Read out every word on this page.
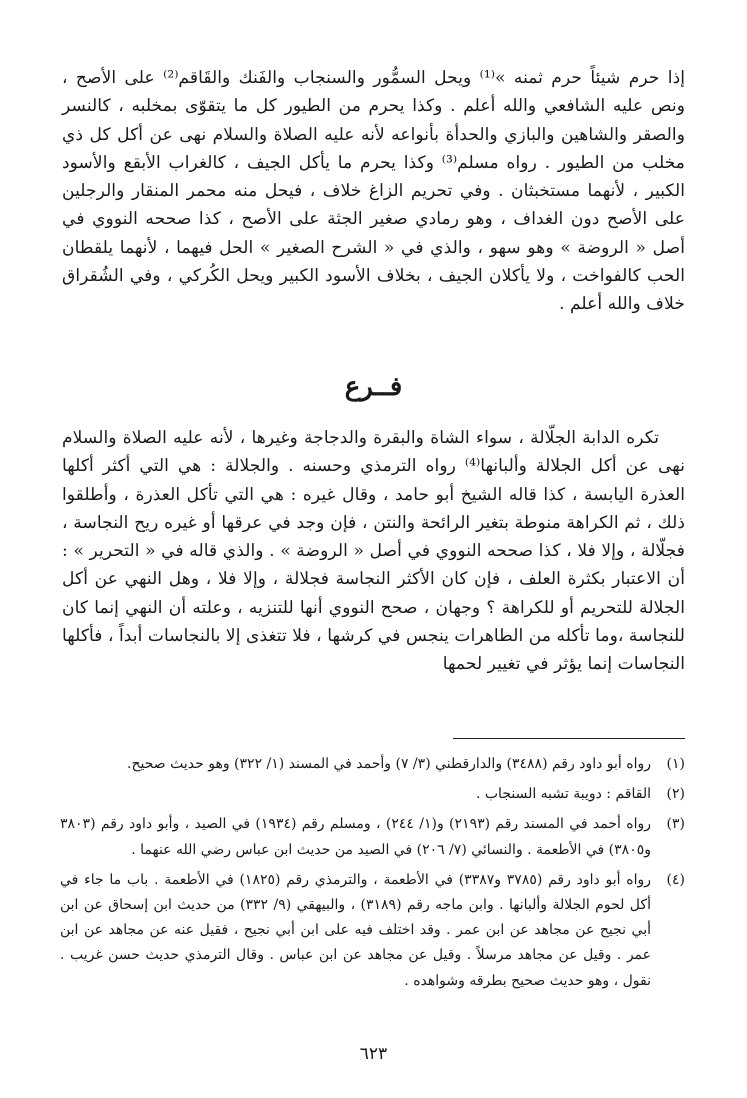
إذا حرم شيئاً حرم ثمنه »⁽¹⁾ ويحل السمُّور والسنجاب والفَنك والقَاقم⁽²⁾ على الأصح ، ونص عليه الشافعي والله أعلم . وكذا يحرم من الطيور كل ما يتقوّى بمخلبه ، كالنسر والصقر والشاهين والبازي والحدأة بأنواعه لأنه عليه الصلاة والسلام نهى عن أكل كل ذي مخلب من الطيور . رواه مسلم⁽³⁾ وكذا يحرم ما يأكل الجيف ، كالغراب الأبقع والأسود الكبير ، لأنهما مستخبثان . وفي تحريم الزاغ خلاف ، فيحل منه محمر المنقار والرجلين على الأصح دون الغداف ، وهو رمادي صغير الجثة على الأصح ، كذا صححه النووي في أصل « الروضة » وهو سهو ، والذي في « الشرح الصغير » الحل فيهما ، لأنهما يلقطان الحب كالفواخت ، ولا يأكلان الجيف ، بخلاف الأسود الكبير ويحل الكُركي ، وفي الشُقراق خلاف والله أعلم .

فــرع

تكره الدابة الجلّالة ، سواء الشاة والبقرة والدجاجة وغيرها ، لأنه عليه الصلاة والسلام نهى عن أكل الجلالة وألبانها⁽⁴⁾ رواه الترمذي وحسنه . والجلالة : هي التي أكثر أكلها العذرة اليابسة ، كذا قاله الشيخ أبو حامد ، وقال غيره : هي التي تأكل العذرة ، وأطلقوا ذلك ، ثم الكراهة منوطة بتغير الرائحة والنتن ، فإن وجد في عرقها أو غيره ريح النجاسة ، فجلّالة ، وإلا فلا ، كذا صححه النووي في أصل « الروضة » . والذي قاله في « التحرير » : أن الاعتبار بكثرة العلف ، فإن كان الأكثر النجاسة فجلالة ، وإلا فلا ، وهل النهي عن أكل الجلالة للتحريم أو للكراهة ؟ وجهان ، صحح النووي أنها للتنزيه ، وعلته أن النهي إنما كان للنجاسة ،وما تأكله من الطاهرات ينجس في كرشها ، فلا تتغذى إلا بالنجاسات أبداً ، فأكلها النجاسات إنما يؤثر في تغيير لحمها

(١)
رواه أبو داود رقم (٣٤٨٨) والدارقطني (٣/ ٧) وأحمد في المسند (١/ ٣٢٢) وهو حديث صحيح.
(٢)
القاقم : دويبة تشبه السنجاب .
(٣)
رواه أحمد في المسند رقم (٢١٩٣) و(١/ ٢٤٤) ، ومسلم رقم (١٩٣٤) في الصيد ، وأبو داود رقم (٣٨٠٣ و٣٨٠٥) في الأطعمة . والنسائي (٧/ ٢٠٦) في الصيد من حديث ابن عباس رضي الله عنهما .
(٤)
رواه أبو داود رقم (٣٧٨٥ و٣٣٨٧) في الأطعمة ، والترمذي رقم (١٨٢٥) في الأطعمة . باب ما جاء في أكل لحوم الجلالة وألبانها . وابن ماجه رقم (٣١٨٩) ، والبيهقي (٩/ ٣٣٢) من حديث ابن إسحاق عن ابن أبي نجيح عن مجاهد عن ابن عمر . وقد اختلف فيه على ابن أبي نجيح ، فقيل عنه عن مجاهد عن ابن عمر . وقيل عن مجاهد مرسلاً . وقيل عن مجاهد عن ابن عباس . وقال الترمذي حديث حسن غريب . نقول ، وهو حديث صحيح بطرقه وشواهده .
٦٢٣
